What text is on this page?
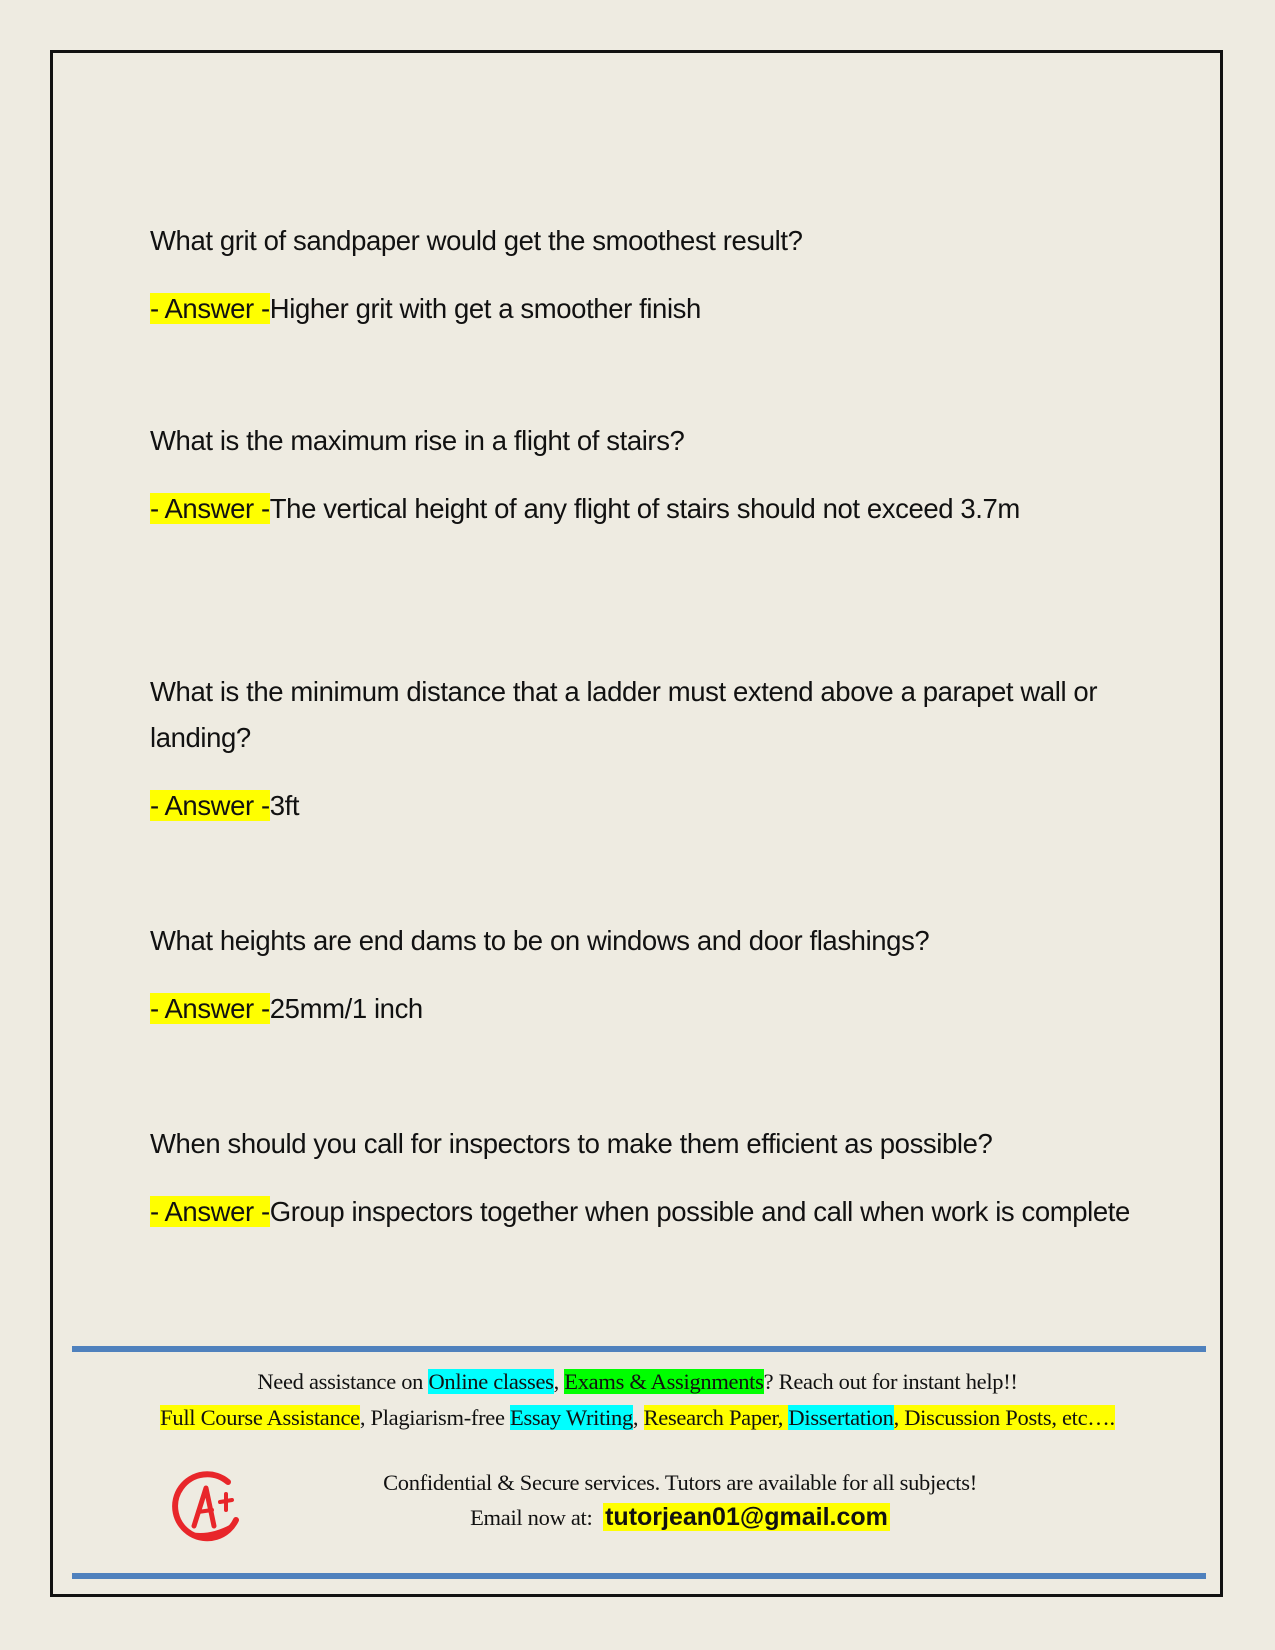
What grit of sandpaper would get the smoothest result?

- Answer -Higher grit with get a smoother finish

What is the maximum rise in a flight of stairs?

- Answer -The vertical height of any flight of stairs should not exceed 3.7m

What is the minimum distance that a ladder must extend above a parapet wall or landing?

- Answer -3ft

What heights are end dams to be on windows and door flashings?

- Answer -25mm/1 inch

When should you call for inspectors to make them efficient as possible?

- Answer -Group inspectors together when possible and call when work is complete

Need assistance on Online classes, Exams & Assignments? Reach out for instant help!!
Full Course Assistance, Plagiarism-free Essay Writing, Research Paper, Dissertation, Discussion Posts, etc….
Confidential & Secure services. Tutors are available for all subjects!
Email now at:  tutorjean01@gmail.com
